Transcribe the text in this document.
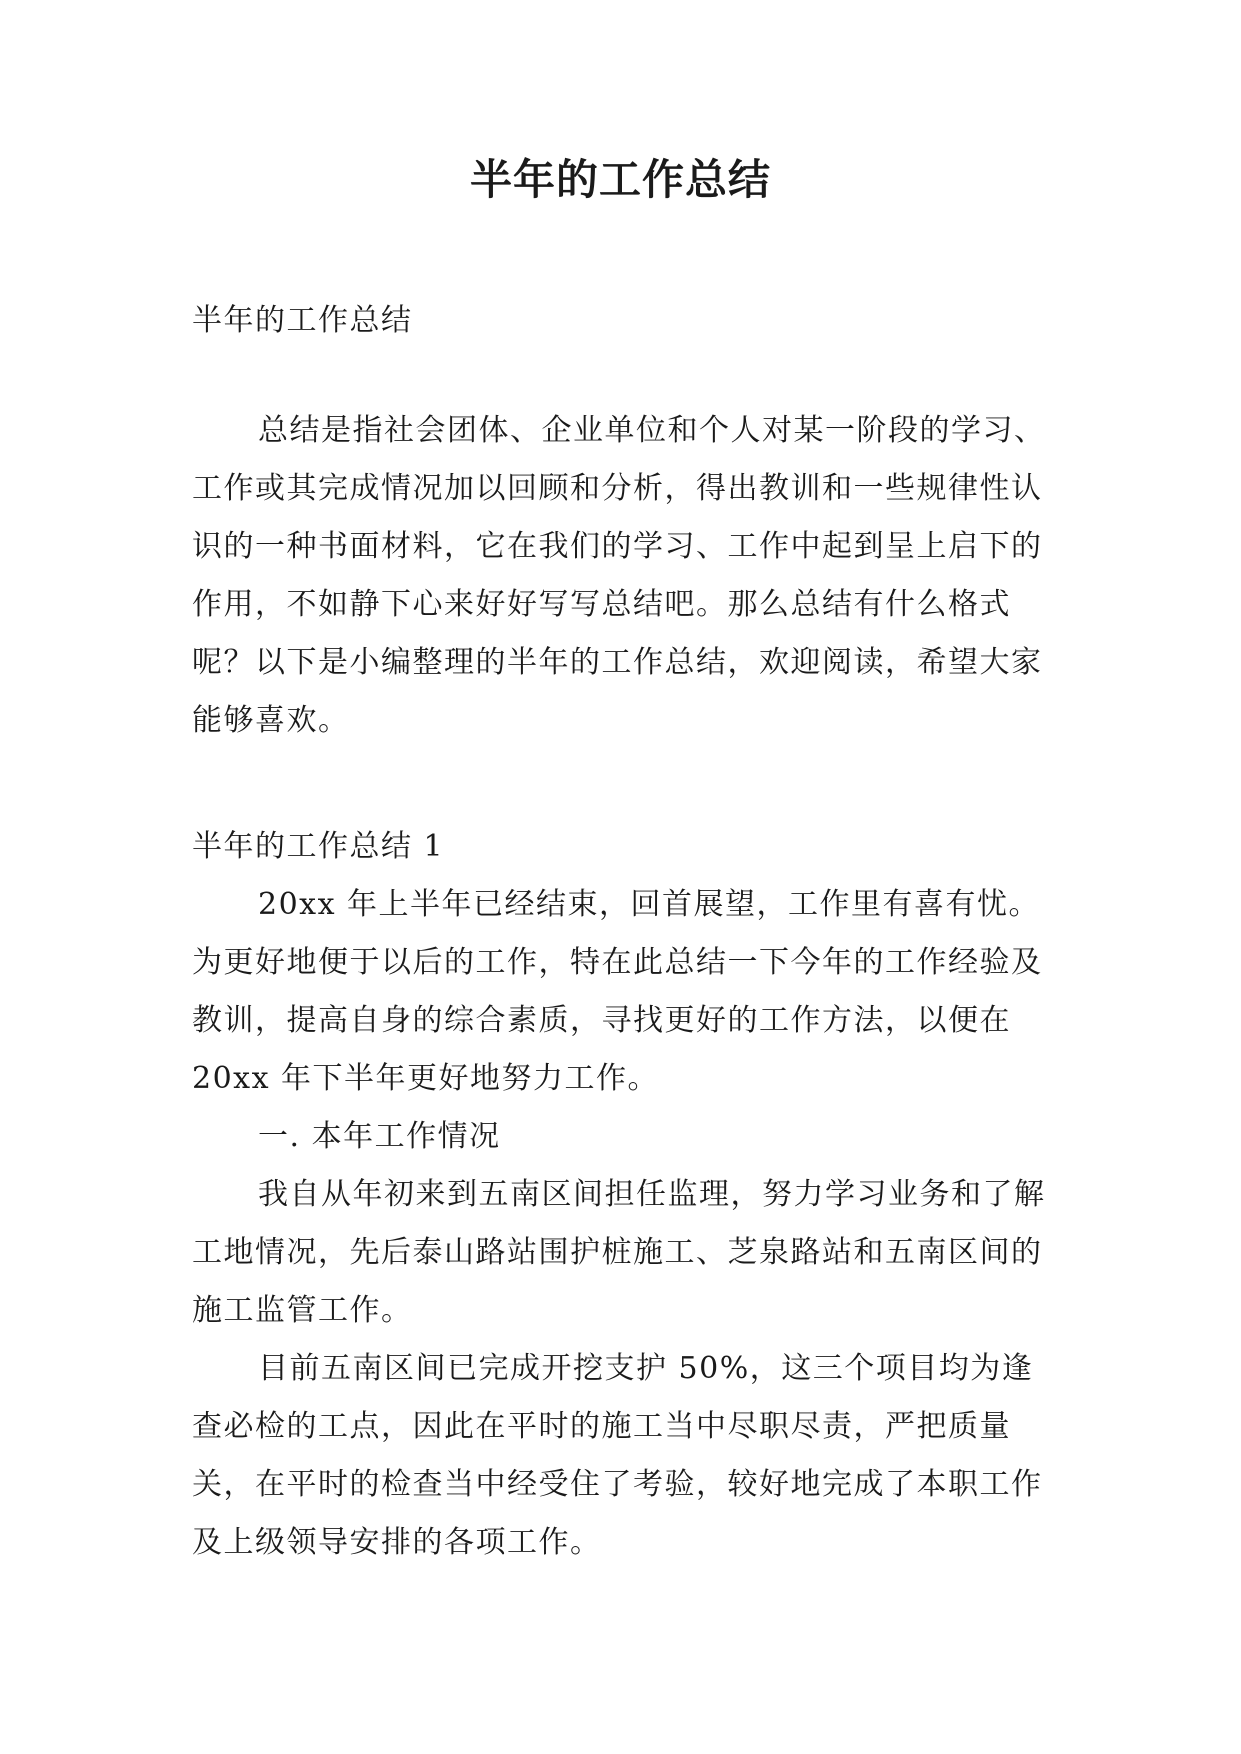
半年的工作总结

半年的工作总结

总结是指社会团体、企业单位和个人对某一阶段的学习、工作或其完成情况加以回顾和分析，得出教训和一些规律性认识的一种书面材料，它在我们的学习、工作中起到呈上启下的作用，不如静下心来好好写写总结吧。那么总结有什么格式呢？以下是小编整理的半年的工作总结，欢迎阅读，希望大家能够喜欢。

半年的工作总结 1

20xx 年上半年已经结束，回首展望，工作里有喜有忧。为更好地便于以后的工作，特在此总结一下今年的工作经验及教训，提高自身的综合素质，寻找更好的工作方法，以便在 20xx 年下半年更好地努力工作。

一. 本年工作情况

我自从年初来到五南区间担任监理，努力学习业务和了解工地情况，先后泰山路站围护桩施工、芝泉路站和五南区间的施工监管工作。

目前五南区间已完成开挖支护 50%，这三个项目均为逢查必检的工点，因此在平时的施工当中尽职尽责，严把质量关，在平时的检查当中经受住了考验，较好地完成了本职工作及上级领导安排的各项工作。
